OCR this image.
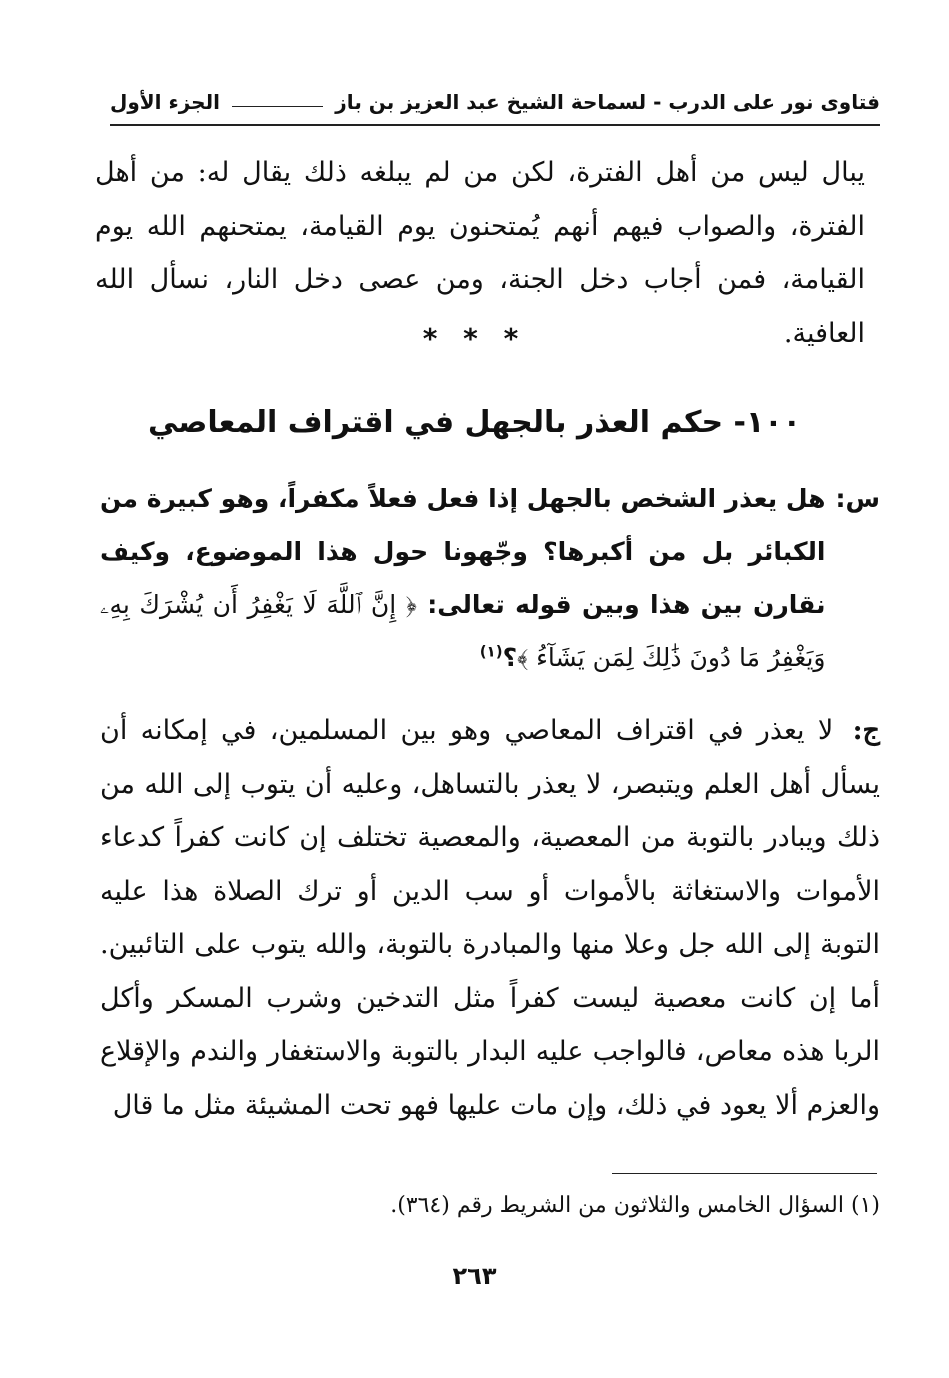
فتاوى نور على الدرب - لسماحة الشيخ عبد العزيز بن باز
الجزء الأول
يبال ليس من أهل الفترة، لكن من لم يبلغه ذلك يقال له: من أهل الفترة، والصواب فيهم أنهم يُمتحنون يوم القيامة، يمتحنهم الله يوم القيامة، فمن أجاب دخل الجنة، ومن عصى دخل النار، نسأل الله العافية.
* * *
١٠٠- حكم العذر بالجهل في اقتراف المعاصي
س:
هل يعذر الشخص بالجهل إذا فعل فعلاً مكفراً، وهو كبيرة من الكبائر بل من أكبرها؟ وجّهونا حول هذا الموضوع، وكيف نقارن بين هذا وبين قوله تعالى: ﴿ إِنَّ ٱللَّهَ لَا يَغْفِرُ أَن يُشْرَكَ بِهِۦ وَيَغْفِرُ مَا دُونَ ذَٰلِكَ لِمَن يَشَآءُ ﴾؟$^{(١)}$
ج: لا يعذر في اقتراف المعاصي وهو بين المسلمين، في إمكانه أن يسأل أهل العلم ويتبصر، لا يعذر بالتساهل، وعليه أن يتوب إلى الله من ذلك ويبادر بالتوبة من المعصية، والمعصية تختلف إن كانت كفراً كدعاء الأموات والاستغاثة بالأموات أو سب الدين أو ترك الصلاة هذا عليه التوبة إلى الله جل وعلا منها والمبادرة بالتوبة، والله يتوب على التائبين. أما إن كانت معصية ليست كفراً مثل التدخين وشرب المسكر وأكل الربا هذه معاص، فالواجب عليه البدار بالتوبة والاستغفار والندم والإقلاع والعزم ألا يعود في ذلك، وإن مات عليها فهو تحت المشيئة مثل ما قال
(١) السؤال الخامس والثلاثون من الشريط رقم (٣٦٤).
٢٦٣
